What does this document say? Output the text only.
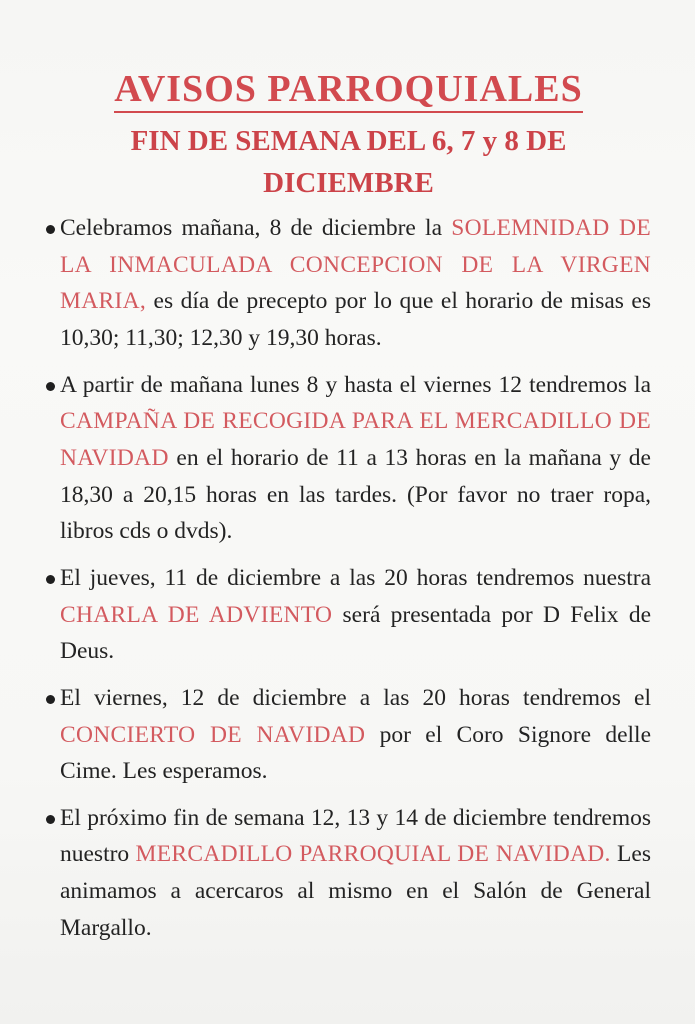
AVISOS PARROQUIALES
FIN DE SEMANA DEL 6, 7 y 8 DE
DICIEMBRE
Celebramos mañana, 8 de diciembre la SOLEMNIDAD DE LA INMACULADA CONCEPCION DE LA VIRGEN MARIA, es día de precepto por lo que el horario de misas es 10,30; 11,30; 12,30 y 19,30 horas.
A partir de mañana lunes 8 y hasta el viernes 12 tendremos la CAMPAÑA DE RECOGIDA PARA EL MERCADILLO DE NAVIDAD en el horario de 11 a 13 horas en la mañana y de 18,30 a 20,15 horas en las tardes. (Por favor no traer ropa, libros cds o dvds).
El jueves, 11 de diciembre a las 20 horas tendremos nuestra CHARLA DE ADVIENTO será presentada por D Felix de Deus.
El viernes, 12 de diciembre a las 20 horas tendremos el CONCIERTO DE NAVIDAD por el Coro Signore delle Cime. Les esperamos.
El próximo fin de semana 12, 13 y 14 de diciembre tendremos nuestro MERCADILLO PARROQUIAL DE NAVIDAD. Les animamos a acercaros al mismo en el Salón de General Margallo.
